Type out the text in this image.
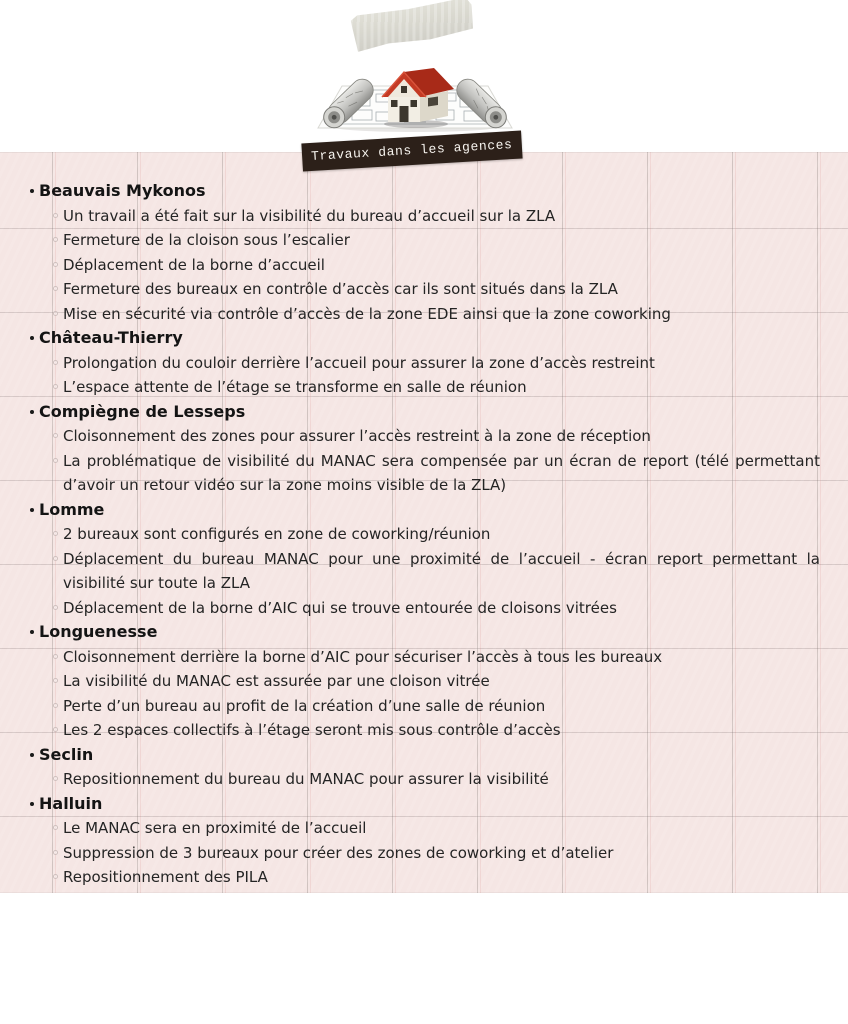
Travaux dans les agences
Beauvais Mykonos
Un travail a été fait sur la visibilité du bureau d’accueil sur la ZLA
Fermeture de la cloison sous l’escalier
Déplacement de la borne d’accueil
Fermeture des bureaux en contrôle d’accès car ils sont situés dans la ZLA
Mise en sécurité via contrôle d’accès de la zone EDE ainsi que la zone coworking
Château-Thierry
Prolongation du couloir derrière l’accueil pour assurer la zone d’accès restreint
L’espace attente de l’étage se transforme en salle de réunion
Compiègne de Lesseps
Cloisonnement des zones pour assurer l’accès restreint à la zone de réception
La problématique de visibilité du MANAC sera compensée par un écran de report (télé permettant d’avoir un retour vidéo sur la zone moins visible de la ZLA)
Lomme
2 bureaux sont configurés en zone de coworking/réunion
Déplacement du bureau MANAC pour une proximité de l’accueil - écran report permettant la visibilité sur toute la ZLA
Déplacement de la borne d’AIC qui se trouve entourée de cloisons vitrées
Longuenesse
Cloisonnement derrière la borne d’AIC pour sécuriser l’accès à tous les bureaux
La visibilité du MANAC est assurée par une cloison vitrée
Perte d’un bureau au profit de la création d’une salle de réunion
Les 2 espaces collectifs à l’étage seront mis sous contrôle d’accès
Seclin
Repositionnement du bureau du MANAC pour assurer la visibilité
Halluin
Le MANAC sera en proximité de l’accueil
Suppression de 3 bureaux pour créer des zones de coworking et d’atelier
Repositionnement des PILA
